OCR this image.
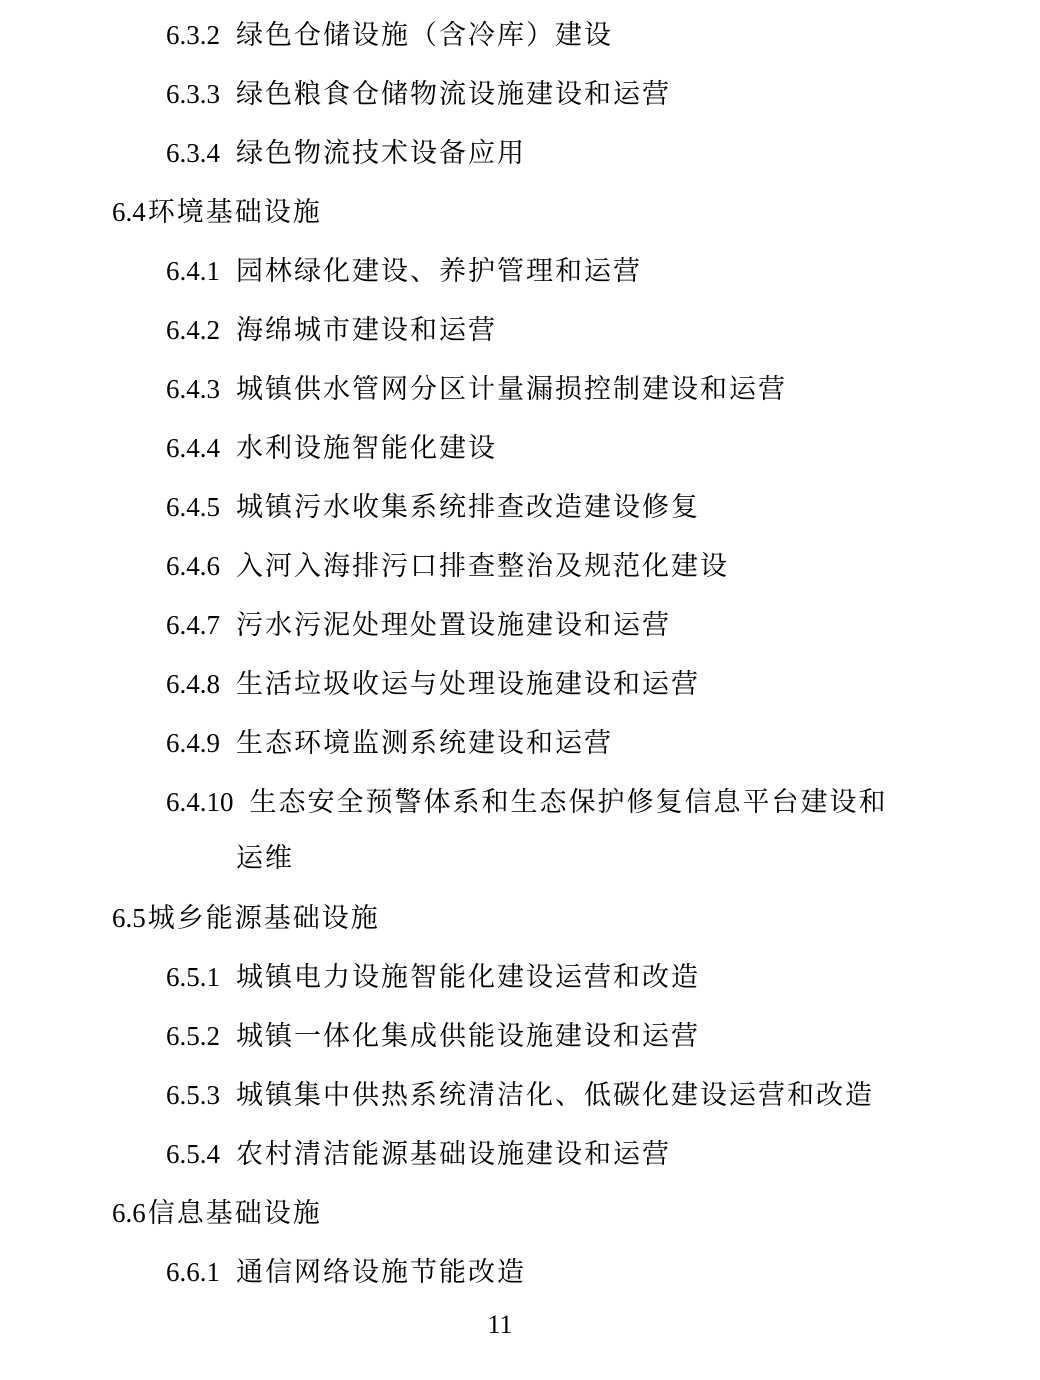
6.3.2 绿色仓储设施（含冷库）建设
6.3.3 绿色粮食仓储物流设施建设和运营
6.3.4 绿色物流技术设备应用
6.4环境基础设施
6.4.1 园林绿化建设、养护管理和运营
6.4.2 海绵城市建设和运营
6.4.3 城镇供水管网分区计量漏损控制建设和运营
6.4.4 水利设施智能化建设
6.4.5 城镇污水收集系统排查改造建设修复
6.4.6 入河入海排污口排查整治及规范化建设
6.4.7 污水污泥处理处置设施建设和运营
6.4.8 生活垃圾收运与处理设施建设和运营
6.4.9 生态环境监测系统建设和运营
6.4.10 生态安全预警体系和生态保护修复信息平台建设和
运维
6.5城乡能源基础设施
6.5.1 城镇电力设施智能化建设运营和改造
6.5.2 城镇一体化集成供能设施建设和运营
6.5.3 城镇集中供热系统清洁化、低碳化建设运营和改造
6.5.4 农村清洁能源基础设施建设和运营
6.6信息基础设施
6.6.1 通信网络设施节能改造
11
